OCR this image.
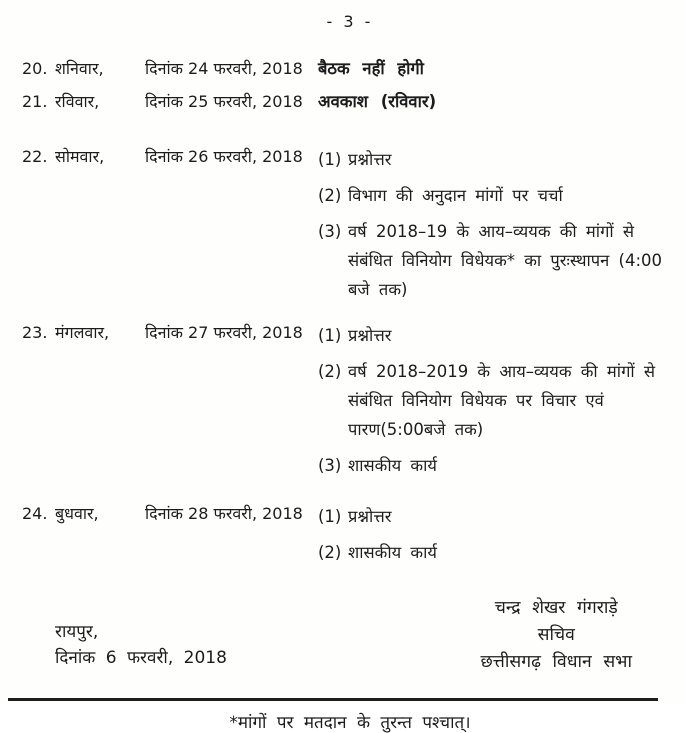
- 3 -
20. शनिवार,	दिनांक 24 फरवरी, 2018 बैठक नहीं होगी
21. रविवार,	दिनांक 25 फरवरी, 2018 अवकाश (रविवार)
22. सोमवार,	दिनांक 26 फरवरी, 2018 (1) प्रश्नोत्तर
(2) विभाग की अनुदान मांगों पर चर्चा
(3) वर्ष 2018–19 के आय–व्ययक की मांगों से संबंधित विनियोग विधेयक* का पुरःस्थापन (4:00 बजे तक)
23. मंगलवार, दिनांक 27 फरवरी, 2018 (1) प्रश्नोत्तर
(2) वर्ष 2018–2019 के आय–व्ययक की मांगों से संबंधित विनियोग विधेयक पर विचार एवं पारण(5:00बजे तक)
(3) शासकीय कार्य
24. बुधवार,	दिनांक 28 फरवरी, 2018 (1) प्रश्नोत्तर
(2) शासकीय कार्य
रायपुर,
दिनांक 6 फरवरी, 2018
चन्द्र शेखर गंगराड़े
सचिव
छत्तीसगढ़ विधान सभा
*मांगों पर मतदान के तुरन्त पश्चात्।
